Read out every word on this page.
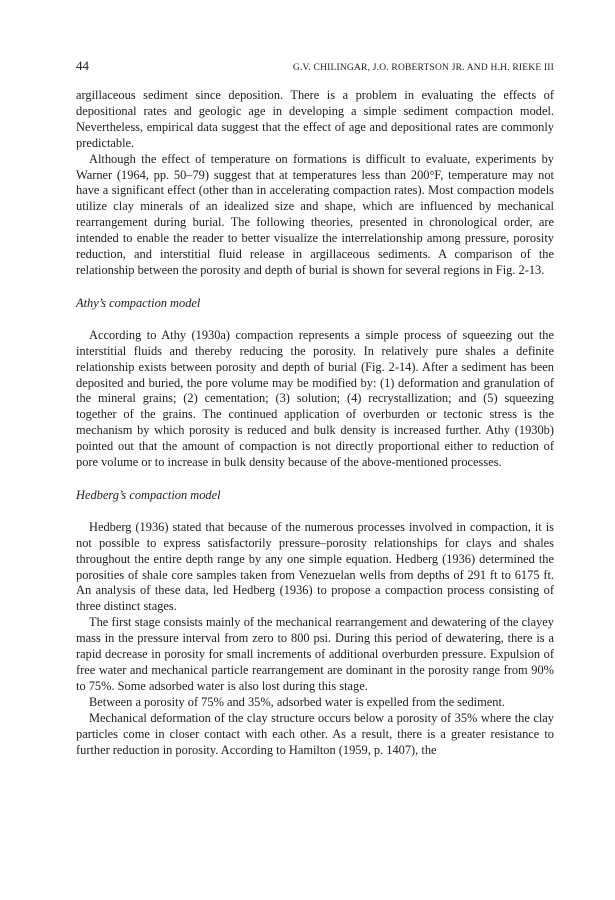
44	G.V. CHILINGAR, J.O. ROBERTSON JR. AND H.H. RIEKE III

argillaceous sediment since deposition. There is a problem in evaluating the effects of depositional rates and geologic age in developing a simple sediment compaction model. Nevertheless, empirical data suggest that the effect of age and depositional rates are commonly predictable.

Although the effect of temperature on formations is difficult to evaluate, experiments by Warner (1964, pp. 50–79) suggest that at temperatures less than 200°F, temperature may not have a significant effect (other than in accelerating compaction rates). Most compaction models utilize clay minerals of an idealized size and shape, which are influenced by mechanical rearrangement during burial. The following theories, presented in chronological order, are intended to enable the reader to better visualize the interrelationship among pressure, porosity reduction, and interstitial fluid release in argillaceous sediments. A comparison of the relationship between the porosity and depth of burial is shown for several regions in Fig. 2-13.

Athy’s compaction model

According to Athy (1930a) compaction represents a simple process of squeezing out the interstitial fluids and thereby reducing the porosity. In relatively pure shales a definite relationship exists between porosity and depth of burial (Fig. 2-14). After a sediment has been deposited and buried, the pore volume may be modified by: (1) deformation and granulation of the mineral grains; (2) cementation; (3) solution; (4) recrystallization; and (5) squeezing together of the grains. The continued application of overburden or tectonic stress is the mechanism by which porosity is reduced and bulk density is increased further. Athy (1930b) pointed out that the amount of compaction is not directly proportional either to reduction of pore volume or to increase in bulk density because of the above-mentioned processes.

Hedberg’s compaction model

Hedberg (1936) stated that because of the numerous processes involved in compaction, it is not possible to express satisfactorily pressure–porosity relationships for clays and shales throughout the entire depth range by any one simple equation. Hedberg (1936) determined the porosities of shale core samples taken from Venezuelan wells from depths of 291 ft to 6175 ft. An analysis of these data, led Hedberg (1936) to propose a compaction process consisting of three distinct stages.

The first stage consists mainly of the mechanical rearrangement and dewatering of the clayey mass in the pressure interval from zero to 800 psi. During this period of dewatering, there is a rapid decrease in porosity for small increments of additional overburden pressure. Expulsion of free water and mechanical particle rearrangement are dominant in the porosity range from 90% to 75%. Some adsorbed water is also lost during this stage.

Between a porosity of 75% and 35%, adsorbed water is expelled from the sediment.

Mechanical deformation of the clay structure occurs below a porosity of 35% where the clay particles come in closer contact with each other. As a result, there is a greater resistance to further reduction in porosity. According to Hamilton (1959, p. 1407), the
